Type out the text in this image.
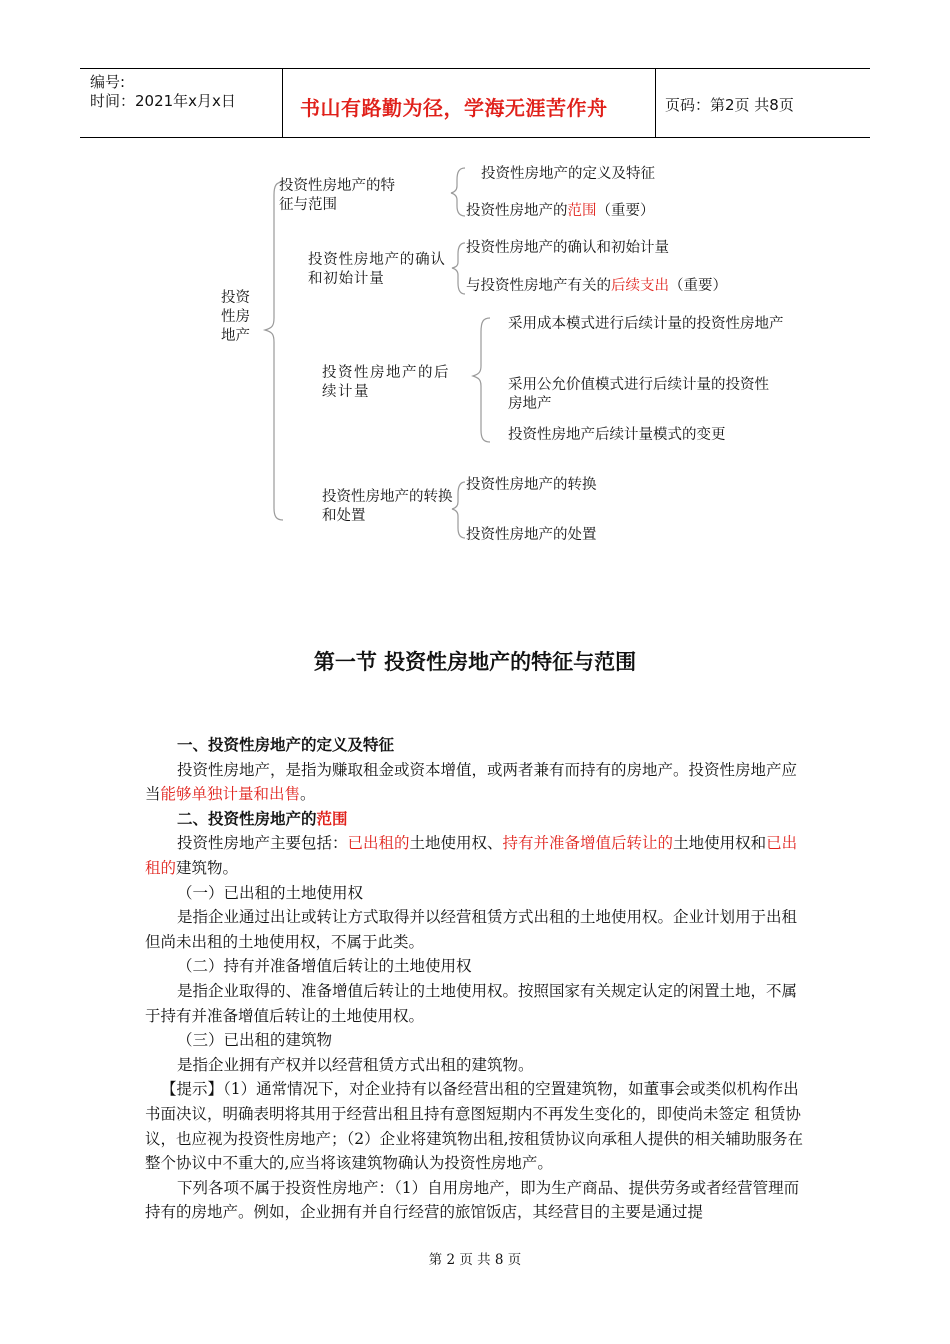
编号:
时间：2021年x月x日	书山有路勤为径，学海无涯苦作舟	页码：第2页 共8页
投资性房地产
投资性房地产的特征与范围
投资性房地产的定义及特征
投资性房地产的范围（重要）
投资性房地产的确认和初始计量
投资性房地产的确认和初始计量
与投资性房地产有关的后续支出（重要）
投资性房地产的后续计量
采用成本模式进行后续计量的投资性房地产
采用公允价值模式进行后续计量的投资性房地产
投资性房地产后续计量模式的变更
投资性房地产的转换和处置
投资性房地产的转换
投资性房地产的处置
第一节 投资性房地产的特征与范围

一、投资性房地产的定义及特征

投资性房地产，是指为赚取租金或资本增值，或两者兼有而持有的房地产。投资性房地产应当能够单独计量和出售。

二、投资性房地产的范围

投资性房地产主要包括：已出租的土地使用权、持有并准备增值后转让的土地使用权和已出租的建筑物。

（一）已出租的土地使用权

是指企业通过出让或转让方式取得并以经营租赁方式出租的土地使用权。企业计划用于出租但尚未出租的土地使用权，不属于此类。

（二）持有并准备增值后转让的土地使用权

是指企业取得的、准备增值后转让的土地使用权。按照国家有关规定认定的闲置土地，不属于持有并准备增值后转让的土地使用权。

（三）已出租的建筑物

是指企业拥有产权并以经营租赁方式出租的建筑物。

【提示】（1）通常情况下，对企业持有以备经营出租的空置建筑物，如董事会或类似机构作出书面决议，明确表明将其用于经营出租且持有意图短期内不再发生变化的，即使尚未签定 租赁协议，也应视为投资性房地产；（2）企业将建筑物出租,按租赁协议向承租人提供的相关辅助服务在整个协议中不重大的,应当将该建筑物确认为投资性房地产。

下列各项不属于投资性房地产：（1）自用房地产，即为生产商品、提供劳务或者经营管理而持有的房地产。例如，企业拥有并自行经营的旅馆饭店，其经营目的主要是通过提

第 2 页 共 8 页
